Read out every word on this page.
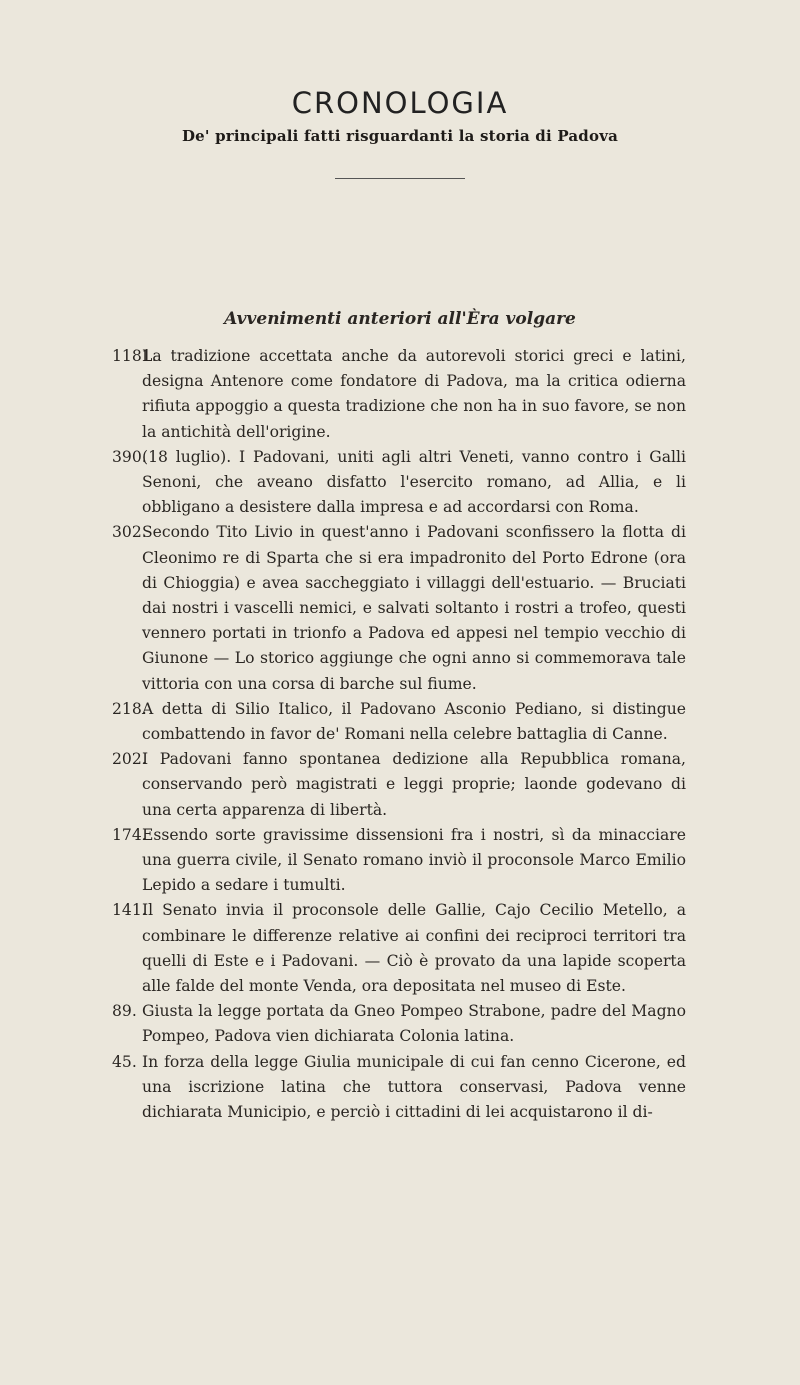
CRONOLOGIA
De' principali fatti risguardanti la storia di Padova
Avvenimenti anteriori all'Èra volgare
1181 .
La tradizione accettata anche da autorevoli storici greci e latini, designa Antenore come fondatore di Padova, ma la critica odierna rifiuta appoggio a questa tradizione che non ha in suo favore, se non la antichità dell'origine.
390 . (18 luglio). I Padovani, uniti agli altri Veneti, vanno contro i Galli Senoni, che aveano disfatto l'esercito romano, ad Allia, e li obbligano a desistere dalla impresa e ad accordarsi con Roma.
302 . Secondo Tito Livio in quest'anno i Padovani sconfissero la flotta di Cleonimo re di Sparta che si era impadronito del Porto Edrone (ora di Chioggia) e avea saccheggiato i villaggi dell'estuario. — Bruciati dai nostri i vascelli nemici, e salvati soltanto i rostri a trofeo, questi vennero portati in trionfo a Padova ed appesi nel tempio vecchio di Giunone — Lo storico aggiunge che ogni anno si commemorava tale vittoria con una corsa di barche sul fiume.
218 . A detta di Silio Italico, il Padovano Asconio Pediano, si distingue combattendo in favor de' Romani nella celebre battaglia di Canne.
202 . I Padovani fanno spontanea dedizione alla Repubblica romana, conservando però magistrati e leggi proprie; laonde godevano di una certa apparenza di libertà.
174 . Essendo sorte gravissime dissensioni fra i nostri, sì da minacciare una guerra civile, il Senato romano inviò il proconsole Marco Emilio Lepido a sedare i tumulti.
141 . Il Senato invia il proconsole delle Gallie, Cajo Cecilio Metello, a combinare le differenze relative ai confini dei reciproci territori tra quelli di Este e i Padovani. — Ciò è provato da una lapide scoperta alle falde del monte Venda, ora depositata nel museo di Este.
89 . Giusta la legge portata da Gneo Pompeo Strabone, padre del Magno Pompeo, Padova vien dichiarata Colonia latina.
45 . In forza della legge Giulia municipale di cui fan cenno Cicerone, ed una iscrizione latina che tuttora conservasi, Padova venne dichiarata Municipio, e perciò i cittadini di lei acquistarono il di-
